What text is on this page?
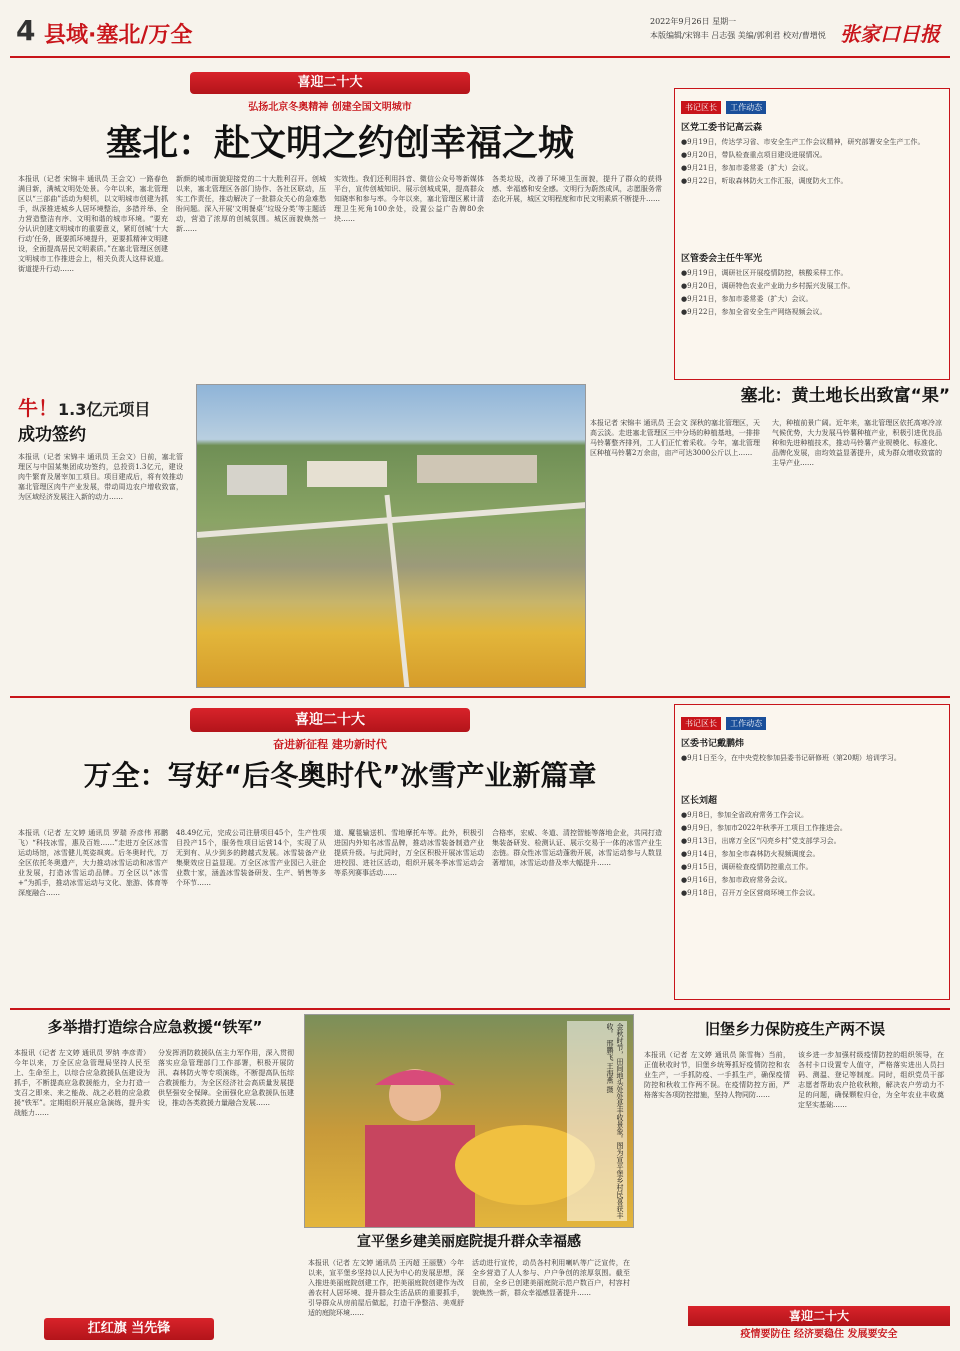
4 县域·塞北/万全
2022年9月26日 星期一
本版编辑/宋锦丰 吕志强 美编/郭利君 校对/曹增悦 张家口日报
喜迎二十大
弘扬北京冬奥精神 创建全国文明城市
塞北：赴文明之约创幸福之城
本报讯（记者 宋锦丰 通讯员 王会文）一路春色满目新，满城文明处处景。今年以来，塞北管理区以“三部曲”活动为契机，以文明城市创建为抓手，纵深推进城乡人居环境整治，多措并举、全力营造整洁有序、文明和谐的城市环境。“要充分认识创建文明城市的重要意义，紧盯创城‘十大行动’任务，既要抓环境提升，更要抓精神文明建设，全面提高居民文明素质。”在塞北管理区创建文明城市工作推进会上，相关负责人这样说道。街道提升行动……
新颜的城市面貌迎接党的二十大胜利召开。创城以来，塞北管理区各部门协作、各社区联动，压实工作责任，推动解决了一批群众关心的急难愁盼问题。深入开展‘文明餐桌’‘垃圾分类’等主题活动，营造了浓厚的创城氛围。城区面貌焕然一新……
实效性。我们还利用抖音、微信公众号等新媒体平台，宣传创城知识、展示创城成果，提高群众知晓率和参与率。今年以来，塞北管理区累计清理卫生死角100余处，设置公益广告牌80余块……
各类垃圾，改善了环境卫生面貌，提升了群众的获得感、幸福感和安全感。文明行为蔚然成风，志愿服务常态化开展，城区文明程度和市民文明素质不断提升……
书记区长 工作动态
区党工委书记高云森
●9月19日，传达学习省、市安全生产工作会议精神，研究部署安全生产工作。
●9月20日，带队检查重点项目建设进展情况。
●9月21日，参加市委常委（扩大）会议。
●9月22日，听取森林防火工作汇报，调度防火工作。
区管委会主任牛军光
●9月19日，调研社区开展疫情防控，核酸采样工作。
●9月20日，调研特色农业产业助力乡村振兴发展工作。
●9月21日，参加市委常委（扩大）会议。
●9月22日，参加全省安全生产网络视频会议。
塞北：黄土地长出致富“果”
本报记者 宋锦丰 通讯员 王会文 深秋的塞北管理区，天高云淡。走进塞北管理区三中分场的种植基地，一排排马铃薯整齐排列，工人们正忙着采收。今年，塞北管理区种植马铃薯2万余亩，亩产可达3000公斤以上……
大，种植前景广阔。近年来，塞北管理区依托高寒冷凉气候优势，大力发展马铃薯种植产业，积极引进优良品种和先进种植技术，推动马铃薯产业规模化、标准化、品牌化发展，亩均效益显著提升，成为群众增收致富的主导产业……
牛！1.3亿元项目
成功签约
本报讯（记者 宋锦丰 通讯员 王会文）日前，塞北管理区与中国某集团成功签约，总投资1.3亿元，建设肉牛繁育及屠宰加工项目。项目建成后，将有效推动塞北管理区肉牛产业发展，带动周边农户增收致富，为区域经济发展注入新的动力……
喜迎二十大
奋进新征程 建功新时代
万全：写好“后冬奥时代”冰雪产业新篇章
本报讯（记者 左文婷 通讯员 罗瑞 乔彦伟 邢鹏飞）“科技冰雪，惠及百姓……”走进万全区冰雪运动场馆，冰雪健儿英姿飒爽。后冬奥时代，万全区依托冬奥遗产，大力推动冰雪运动和冰雪产业发展，打造冰雪运动品牌。万全区以“冰雪+”为抓手，推动冰雪运动与文化、旅游、体育等深度融合……
48.49亿元，完成公司注册项目45个，生产性项目投产15个，服务性项目运营14个，实现了从无到有、从少到多的跨越式发展。冰雪装备产业集聚效应日益显现。万全区冰雪产业园已入驻企业数十家，涵盖冰雪装备研发、生产、销售等多个环节……
道、魔毯输送机、雪地摩托车等。此外，积极引进国内外知名冰雪品牌，推动冰雪装备制造产业提质升级。与此同时，万全区积极开展冰雪运动进校园、进社区活动，组织开展冬季冰雪运动会等系列赛事活动……
合格率，宏威、冬道、清控智能等落地企业，共同打造集装备研发、检测认证、展示交易于一体的冰雪产业生态链。群众性冰雪运动蓬勃开展，冰雪运动参与人数显著增加，冰雪运动普及率大幅提升……
书记区长 工作动态
区委书记戴鹏炜
●9月1日至今，在中央党校参加县委书记研修班（第20期）培训学习。
区长刘超
●9月8日，参加全省政府常务工作会议。
●9月9日，参加市2022年秋季开工项目工作推进会。
●9月13日，出席万全区“闪亮乡村”党支部学习会。
●9月14日，参加全市森林防火视频调度会。
●9月15日，调研检查疫情防控重点工作。
●9月16日，参加市政府常务会议。
●9月18日，召开万全区营商环境工作会议。
多举措打造综合应急救援“铁军”
本报讯（记者 左文婷 通讯员 罗纳 李彦青）今年以来，万全区应急管理局坚持人民至上、生命至上，以综合应急救援队伍建设为抓手，不断提高应急救援能力，全力打造一支召之即来、来之能战、战之必胜的应急救援“铁军”。定期组织开展应急演练，提升实战能力……
分发挥消防救援队伍主力军作用，深入贯彻落实应急管理部门工作部署，积极开展防汛、森林防火等专项演练，不断提高队伍综合救援能力，为全区经济社会高质量发展提供坚强安全保障。全面强化应急救援队伍建设，推动各类救援力量融合发展……	金秋时节，田间地头处处是丰收景象。图为宣平堡乡村民喜获丰收。 邢鹏飞 王海燕 摄
宣平堡乡建美丽庭院提升群众幸福感
本报讯（记者 左文婷 通讯员 王丙超 王丽慧）今年以来，宣平堡乡坚持以人民为中心的发展思想，深入推进美丽庭院创建工作，把美丽庭院创建作为改善农村人居环境、提升群众生活品质的重要抓手，引导群众从房前屋后做起，打造干净整洁、美观舒适的庭院环境……
活动进行宣传，动员各村利用喇叭等广泛宣传，在全乡营造了人人参与、户户争创的浓厚氛围。截至目前，全乡已创建美丽庭院示范户数百户，村容村貌焕然一新，群众幸福感显著提升……
旧堡乡力保防疫生产两不误
本报讯（记者 左文婷 通讯员 陈雪梅）当前，正值秋收时节，旧堡乡统筹抓好疫情防控和农业生产，一手抓防疫、一手抓生产，确保疫情防控和秋收工作两不误。在疫情防控方面，严格落实各项防控措施，坚持人物同防……
该乡进一步加强村级疫情防控的组织领导，在各村卡口设置专人值守，严格落实进出人员扫码、测温、登记等制度。同时，组织党员干部志愿者帮助农户抢收秋粮，解决农户劳动力不足的问题，确保颗粒归仓，为全年农业丰收奠定坚实基础……
扛红旗 当先锋
喜迎二十大
疫情要防住 经济要稳住 发展要安全
